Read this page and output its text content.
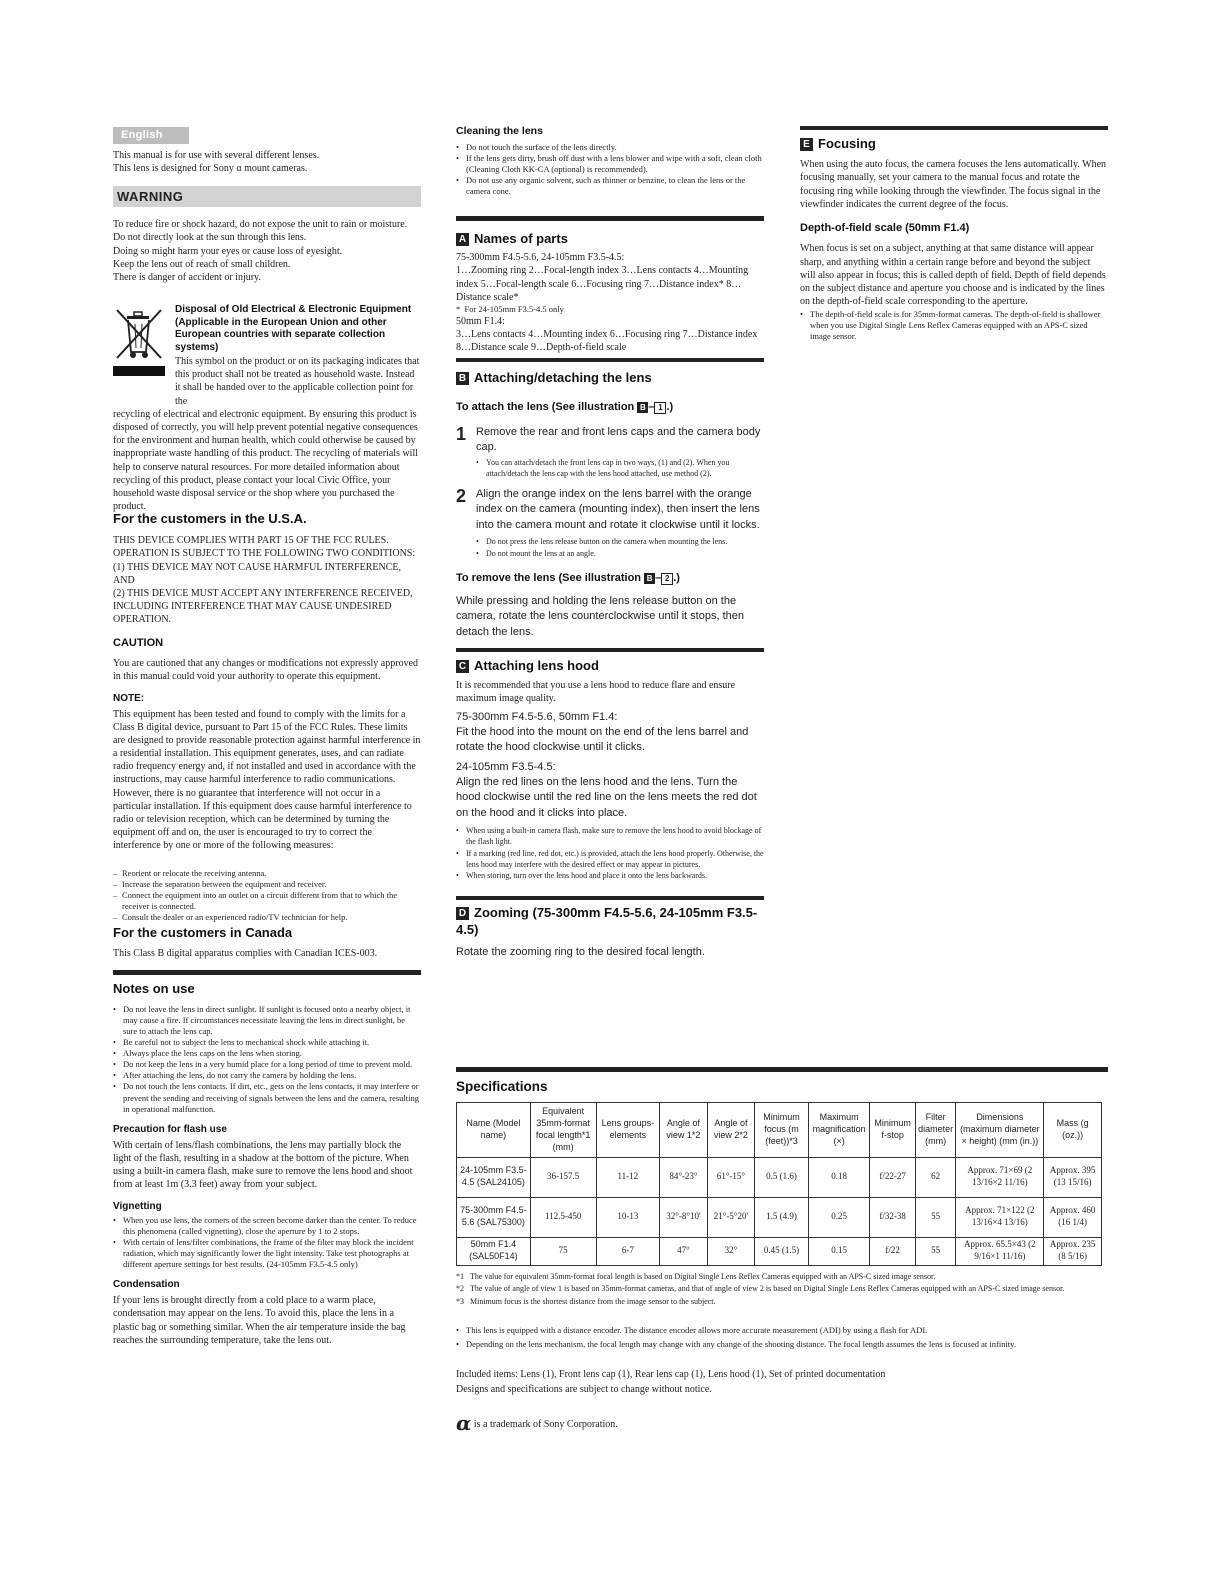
English

This manual is for use with several different lenses.

This lens is designed for Sony α mount cameras.

WARNING

To reduce fire or shock hazard, do not expose the unit to rain or moisture.

Do not directly look at the sun through this lens.

Doing so might harm your eyes or cause loss of eyesight.

Keep the lens out of reach of small children.

There is danger of accident or injury.

Disposal of Old Electrical & Electronic Equipment (Applicable in the European Union and other European countries with separate collection systems)

This symbol on the product or on its packaging indicates that this product shall not be treated as household waste. Instead it shall be handed over to the applicable collection point for the

recycling of electrical and electronic equipment. By ensuring this product is disposed of correctly, you will help prevent potential negative consequences for the environment and human health, which could otherwise be caused by inappropriate waste handling of this product. The recycling of materials will help to conserve natural resources. For more detailed information about recycling of this product, please contact your local Civic Office, your household waste disposal service or the shop where you purchased the product.

For the customers in the U.S.A.

THIS DEVICE COMPLIES WITH PART 15 OF THE FCC RULES.

OPERATION IS SUBJECT TO THE FOLLOWING TWO CONDITIONS:

(1) THIS DEVICE MAY NOT CAUSE HARMFUL INTERFERENCE, AND

(2) THIS DEVICE MUST ACCEPT ANY INTERFERENCE RECEIVED,

INCLUDING INTERFERENCE THAT MAY CAUSE UNDESIRED

OPERATION.

CAUTION

You are cautioned that any changes or modifications not expressly approved in this manual could void your authority to operate this equipment.

NOTE:

This equipment has been tested and found to comply with the limits for a Class B digital device, pursuant to Part 15 of the FCC Rules. These limits are designed to provide reasonable protection against harmful interference in a residential installation. This equipment generates, uses, and can radiate radio frequency energy and, if not installed and used in accordance with the instructions, may cause harmful interference to radio communications.

However, there is no guarantee that interference will not occur in a particular installation. If this equipment does cause harmful interference to radio or television reception, which can be determined by turning the equipment off and on, the user is encouraged to try to correct the interference by one or more of the following measures:

– Reorient or relocate the receiving antenna.
– Increase the separation between the equipment and receiver.
– Connect the equipment into an outlet on a circuit different from that to which the receiver is connected.
– Consult the dealer or an experienced radio/TV technician for help.
For the customers in Canada

This Class B digital apparatus complies with Canadian ICES-003.

Notes on use
• Do not leave the lens in direct sunlight. If sunlight is focused onto a nearby object, it may cause a fire. If circumstances necessitate leaving the lens in direct sunlight, be sure to attach the lens cap.
• Be careful not to subject the lens to mechanical shock while attaching it.
• Always place the lens caps on the lens when storing.
• Do not keep the lens in a very humid place for a long period of time to prevent mold.
• After attaching the lens, do not carry the camera by holding the lens.
• Do not touch the lens contacts. If dirt, etc., gets on the lens contacts, it may interfere or prevent the sending and receiving of signals between the lens and the camera, resulting in operational malfunction.
Precaution for flash use

With certain of lens/flash combinations, the lens may partially block the light of the flash, resulting in a shadow at the bottom of the picture. When using a built-in camera flash, make sure to remove the lens hood and shoot from at least 1m (3.3 feet) away from your subject.

Vignetting
• When you use lens, the corners of the screen become darker than the center. To reduce this phenomena (called vignetting), close the aperture by 1 to 2 stops.
• With certain of lens/filter combinations, the frame of the filter may block the incident radiation, which may significantly lower the light intensity. Take test photographs at different aperture settings for best results. (24-105mm F3.5-4.5 only)
Condensation

If your lens is brought directly from a cold place to a warm place, condensation may appear on the lens. To avoid this, place the lens in a plastic bag or something similar. When the air temperature inside the bag reaches the surrounding temperature, take the lens out.

Cleaning the lens
• Do not touch the surface of the lens directly.
• If the lens gets dirty, brush off dust with a lens blower and wipe with a soft, clean cloth (Cleaning Cloth KK-CA (optional) is recommended).
• Do not use any organic solvent, such as thinner or benzine, to clean the lens or the camera cone.
A Names of parts

75-300mm F4.5-5.6, 24-105mm F3.5-4.5:

1…Zooming ring 2…Focal-length index 3…Lens contacts 4…Mounting index 5…Focal-length scale 6…Focusing ring 7…Distance index* 8…Distance scale*

*  For 24-105mm F3.5-4.5 only

50mm F1.4:

3…Lens contacts 4…Mounting index 6…Focusing ring 7…Distance index 8…Distance scale 9…Depth-of-field scale

B Attaching/detaching the lens
To attach the lens (See illustration B – 1 .)
1 Remove the rear and front lens caps and the camera body cap.

• You can attach/detach the front lens cap in two ways, (1) and (2). When you attach/detach the lens cap with the lens hood attached, use method (2).
2 Align the orange index on the lens barrel with the orange index on the camera (mounting index), then insert the lens into the camera mount and rotate it clockwise until it locks.

• Do not press the lens release button on the camera when mounting the lens.
• Do not mount the lens at an angle.
To remove the lens (See illustration B – 2 .)

While pressing and holding the lens release button on the camera, rotate the lens counterclockwise until it stops, then detach the lens.

C Attaching lens hood

It is recommended that you use a lens hood to reduce flare and ensure maximum image quality.

75-300mm F4.5-5.6, 50mm F1.4:

Fit the hood into the mount on the end of the lens barrel and rotate the hood clockwise until it clicks.

24-105mm F3.5-4.5:

Align the red lines on the lens hood and the lens. Turn the hood clockwise until the red line on the lens meets the red dot on the hood and it clicks into place.

• When using a built-in camera flash, make sure to remove the lens hood to avoid blockage of the flash light.
• If a marking (red line, red dot, etc.) is provided, attach the lens hood properly. Otherwise, the lens hood may interfere with the desired effect or may appear in pictures.
• When storing, turn over the lens hood and place it onto the lens backwards.
D Zooming (75-300mm F4.5-5.6, 24-105mm F3.5-4.5)

Rotate the zooming ring to the desired focal length.

E Focusing

When using the auto focus, the camera focuses the lens automatically. When focusing manually, set your camera to the manual focus and rotate the focusing ring while looking through the viewfinder. The focus signal in the viewfinder indicates the current degree of the focus.

Depth-of-field scale (50mm F1.4)

When focus is set on a subject, anything at that same distance will appear sharp, and anything within a certain range before and beyond the subject will also appear in focus; this is called depth of field. Depth of field depends on the subject distance and aperture you choose and is indicated by the lines on the depth-of-field scale corresponding to the aperture.

• The depth-of-field scale is for 35mm-format cameras. The depth-of-field is shallower when you use Digital Single Lens Reflex Cameras equipped with an APS-C sized image sensor.
Specifications
Name (Model name)	Equivalent 35mm-format focal length*1 (mm)	Lens groups-elements	Angle of view 1*2	Angle of view 2*2	Minimum focus (m (feet))*3	Maximum magnification (×)	Minimum f-stop	Filter diameter (mm)	Dimensions (maximum diameter × height) (mm (in.))	Mass (g (oz.))
24-105mm F3.5-4.5 (SAL24105)	36-157.5	11-12	84°-23°	61°-15°	0.5 (1.6)	0.18	f/22-27	62	Approx. 71×69 (2 13/16×2 11/16)	Approx. 395 (13 15/16)
75-300mm F4.5-5.6 (SAL75300)	112.5-450	10-13	32°-8°10'	21°-5°20'	1.5 (4.9)	0.25	f/32-38	55	Approx. 71×122 (2 13/16×4 13/16)	Approx. 460 (16 1/4)
50mm F1.4 (SAL50F14)	75	6-7	47°	32°	0.45 (1.5)	0.15	f/22	55	Approx. 65.5×43 (2 9/16×1 11/16)	Approx. 235 (8 5/16)

*1 The value for equivalent 35mm-format focal length is based on Digital Single Lens Reflex Cameras equipped with an APS-C sized image sensor.

*2 The value of angle of view 1 is based on 35mm-format cameras, and that of angle of view 2 is based on Digital Single Lens Reflex Cameras equipped with an APS-C sized image sensor.

*3 Minimum focus is the shortest distance from the image sensor to the subject.

• This lens is equipped with a distance encoder. The distance encoder allows more accurate measurement (ADI) by using a flash for ADI.
• Depending on the lens mechanism, the focal length may change with any change of the shooting distance. The focal length assumes the lens is focused at infinity.

Included items: Lens (1), Front lens cap (1), Rear lens cap (1), Lens hood (1), Set of printed documentation

Designs and specifications are subject to change without notice.

α is a trademark of Sony Corporation.
